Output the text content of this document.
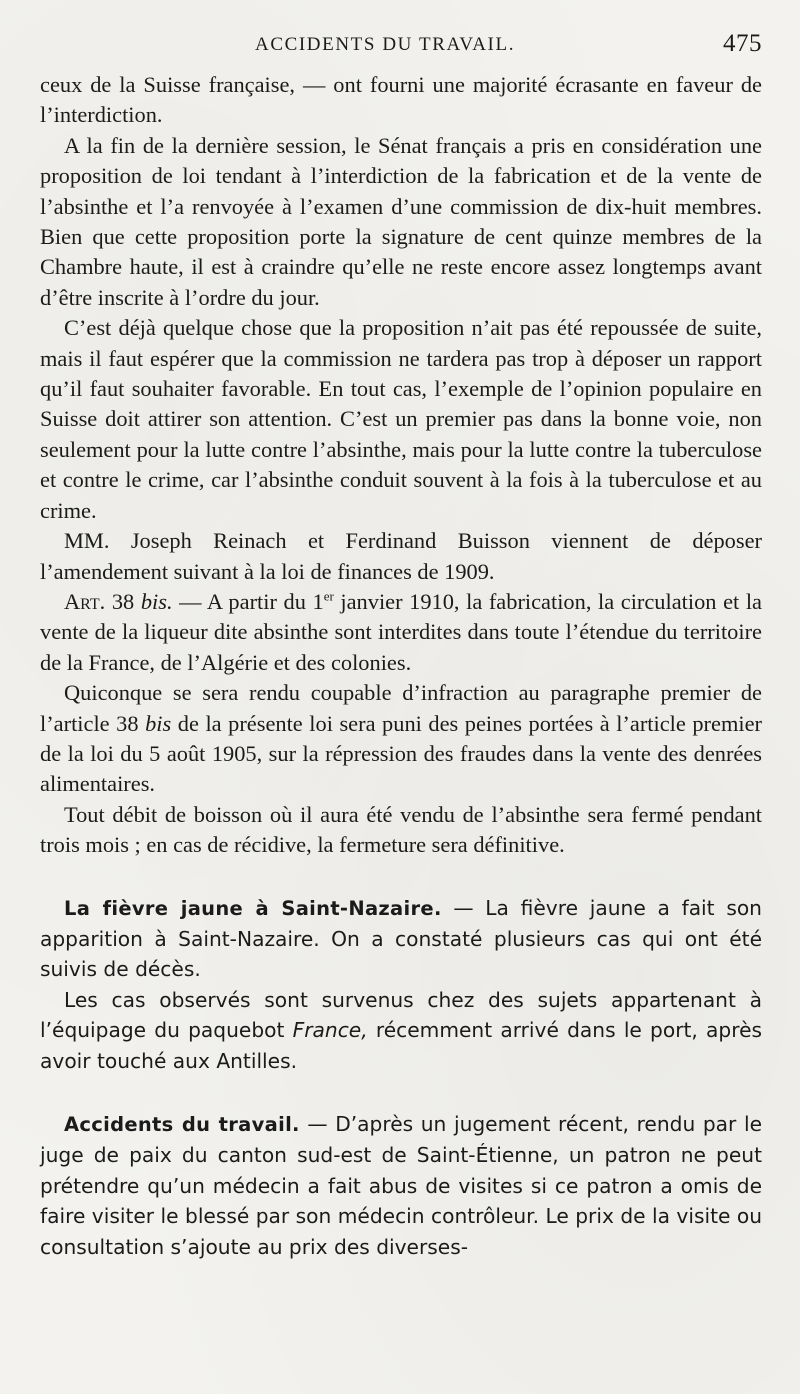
ACCIDENTS DU TRAVAIL.	475

ceux de la Suisse française, — ont fourni une majorité écrasante en faveur de l’interdiction.

A la fin de la dernière session, le Sénat français a pris en considération une proposition de loi tendant à l’interdiction de la fabrication et de la vente de l’absinthe et l’a renvoyée à l’examen d’une commission de dix-huit membres. Bien que cette proposition porte la signature de cent quinze membres de la Chambre haute, il est à craindre qu’elle ne reste encore assez longtemps avant d’être inscrite à l’ordre du jour.

C’est déjà quelque chose que la proposition n’ait pas été repoussée de suite, mais il faut espérer que la commission ne tardera pas trop à déposer un rapport qu’il faut souhaiter favorable. En tout cas, l’exemple de l’opinion populaire en Suisse doit attirer son attention. C’est un premier pas dans la bonne voie, non seulement pour la lutte contre l’absinthe, mais pour la lutte contre la tuberculose et contre le crime, car l’absinthe conduit souvent à la fois à la tuberculose et au crime.

MM. Joseph Reinach et Ferdinand Buisson viennent de déposer l’amendement suivant à la loi de finances de 1909.

Art. 38 bis. — A partir du 1er janvier 1910, la fabrication, la circulation et la vente de la liqueur dite absinthe sont interdites dans toute l’étendue du territoire de la France, de l’Algérie et des colonies.

Quiconque se sera rendu coupable d’infraction au paragraphe premier de l’article 38 bis de la présente loi sera puni des peines portées à l’article premier de la loi du 5 août 1905, sur la répression des fraudes dans la vente des denrées alimentaires.

Tout débit de boisson où il aura été vendu de l’absinthe sera fermé pendant trois mois ; en cas de récidive, la fermeture sera définitive.

La fièvre jaune à Saint-Nazaire. — La fièvre jaune a fait son apparition à Saint-Nazaire. On a constaté plusieurs cas qui ont été suivis de décès.

Les cas observés sont survenus chez des sujets appartenant à l’équipage du paquebot France, récemment arrivé dans le port, après avoir touché aux Antilles.

Accidents du travail. — D’après un jugement récent, rendu par le juge de paix du canton sud-est de Saint-Étienne, un patron ne peut prétendre qu’un médecin a fait abus de visites si ce patron a omis de faire visiter le blessé par son médecin contrôleur. Le prix de la visite ou consultation s’ajoute au prix des diverses-
